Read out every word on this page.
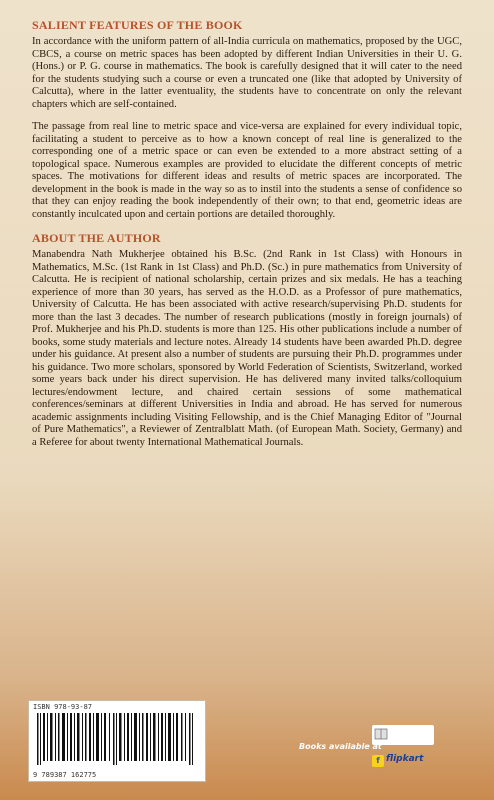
SALIENT FEATURES OF THE BOOK

In accordance with the uniform pattern of all-India curricula on mathematics, proposed by the UGC, CBCS, a course on metric spaces has been adopted by different Indian Universities in their U. G. (Hons.) or P. G. course in mathematics. The book is carefully designed that it will cater to the need for the students studying such a course or even a truncated one (like that adopted by University of Calcutta), where in the latter eventuality, the students have to concentrate on only the relevant chapters which are self-contained.

The passage from real line to metric space and vice-versa are explained for every individual topic, facilitating a student to perceive as to how a known concept of real line is generalized to the corresponding one of a metric space or can even be extended to a more abstract setting of a topological space. Numerous examples are provided to elucidate the different concepts of metric spaces. The motivations for different ideas and results of metric spaces are incorporated. The development in the book is made in the way so as to instil into the students a sense of confidence so that they can enjoy reading the book independently of their own; to that end, geometric ideas are constantly inculcated upon and certain portions are detailed thoroughly.

ABOUT THE AUTHOR

Manabendra Nath Mukherjee obtained his B.Sc. (2nd Rank in 1st Class) with Honours in Mathematics, M.Sc. (1st Rank in 1st Class) and Ph.D. (Sc.) in pure mathematics from University of Calcutta. He is recipient of national scholarship, certain prizes and six medals. He has a teaching experience of more than 30 years, has served as the H.O.D. as a Professor of pure mathematics, University of Calcutta. He has been associated with active research/supervising Ph.D. students for more than the last 3 decades. The number of research publications (mostly in foreign journals) of Prof. Mukherjee and his Ph.D. students is more than 125. His other publications include a number of books, some study materials and lecture notes. Already 14 students have been awarded Ph.D. degree under his guidance. At present also a number of students are pursuing their Ph.D. programmes under his guidance. Two more scholars, sponsored by World Federation of Scientists, Switzerland, worked some years back under his direct supervision. He has delivered many invited talks/colloquium lectures/endowment lecture, and chaired certain sessions of some mathematical conferences/seminars at different Universities in India and abroad. He has served for numerous academic assignments including Visiting Fellowship, and is the Chief Managing Editor of "Journal of Pure Mathematics", a Reviewer of Zentralblatt Math. (of European Math. Society, Germany) and a Referee for about twenty International Mathematical Journals.

ISBN 978-93-87
9 789387 162775
Books available at
f flipkart
